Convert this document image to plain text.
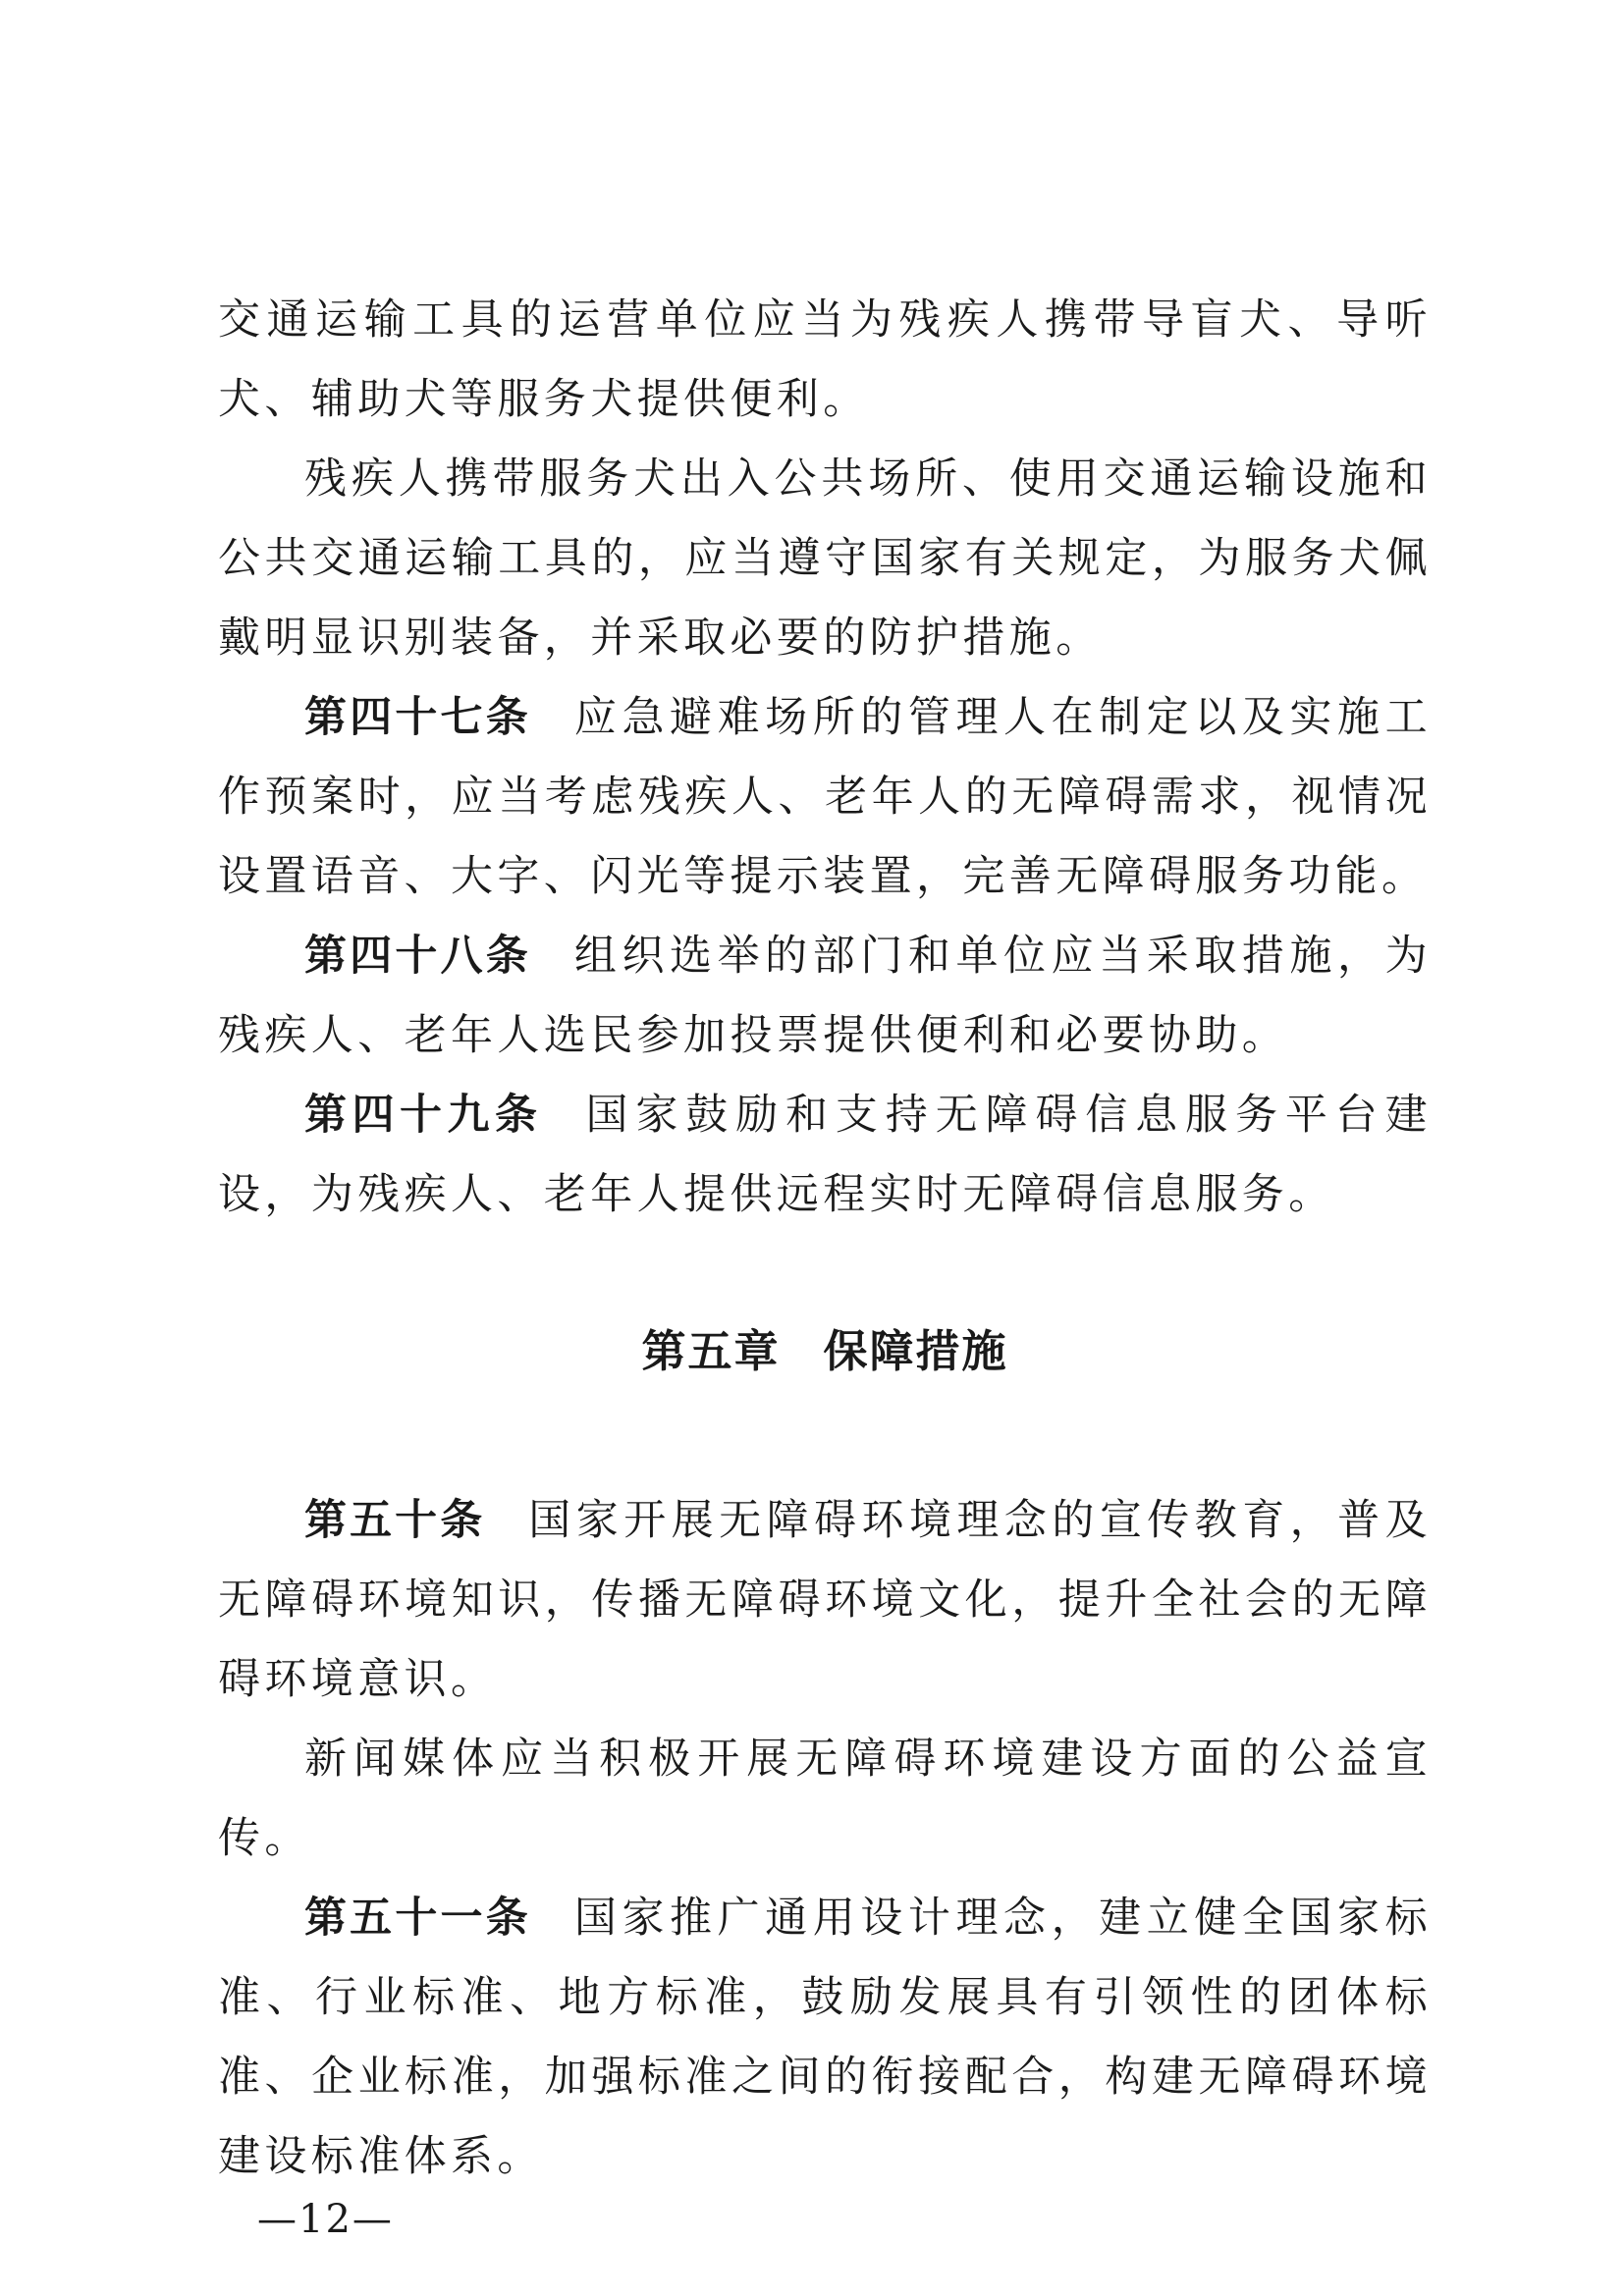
交通运输工具的运营单位应当为残疾人携带导盲犬、导听犬、辅助犬等服务犬提供便利。

残疾人携带服务犬出入公共场所、使用交通运输设施和公共交通运输工具的，应当遵守国家有关规定，为服务犬佩戴明显识别装备，并采取必要的防护措施。

第四十七条 应急避难场所的管理人在制定以及实施工作预案时，应当考虑残疾人、老年人的无障碍需求，视情况设置语音、大字、闪光等提示装置，完善无障碍服务功能。

第四十八条 组织选举的部门和单位应当采取措施，为残疾人、老年人选民参加投票提供便利和必要协助。

第四十九条 国家鼓励和支持无障碍信息服务平台建设，为残疾人、老年人提供远程实时无障碍信息服务。

第五章 保障措施

第五十条 国家开展无障碍环境理念的宣传教育，普及无障碍环境知识，传播无障碍环境文化，提升全社会的无障碍环境意识。

新闻媒体应当积极开展无障碍环境建设方面的公益宣传。

第五十一条 国家推广通用设计理念，建立健全国家标准、行业标准、地方标准，鼓励发展具有引领性的团体标准、企业标准，加强标准之间的衔接配合，构建无障碍环境建设标准体系。

—12—
